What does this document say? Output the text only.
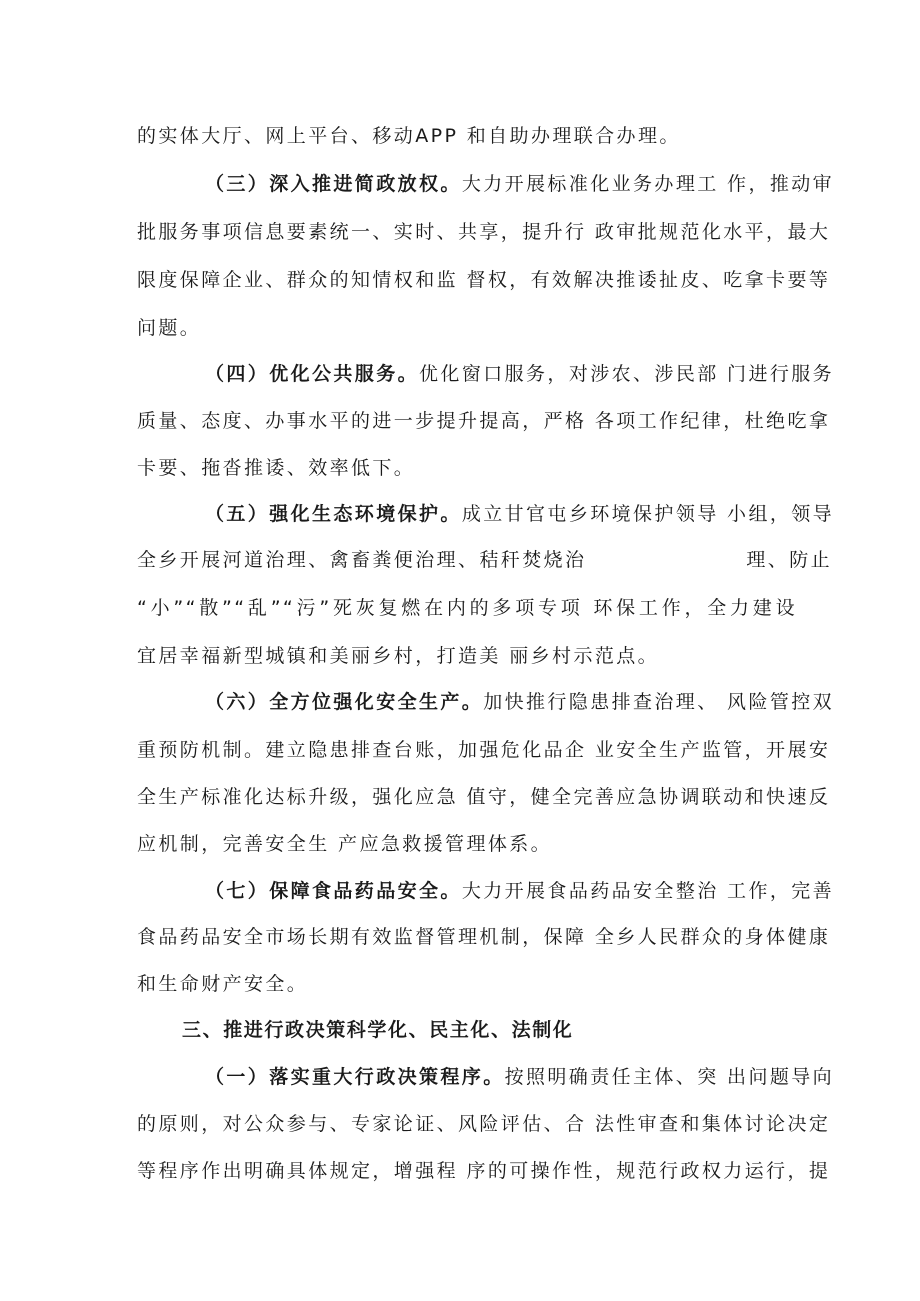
的实体大厅、网上平台、移动APP 和自助办理联合办理。
（三）深入推进简政放权。大力开展标准化业务办理工 作，推动审
批服务事项信息要素统一、实时、共享，提升行 政审批规范化水平，最大
限度保障企业、群众的知情权和监 督权，有效解决推诿扯皮、吃拿卡要等
问题。
（四）优化公共服务。优化窗口服务，对涉农、涉民部 门进行服务
质量、态度、办事水平的进一步提升提高，严格 各项工作纪律，杜绝吃拿
卡要、拖沓推诿、效率低下。
（五）强化生态环境保护。成立甘官屯乡环境保护领导 小组，领导
全乡开展河道治理、禽畜粪便治理、秸秆焚烧治	理、防止
“小”“散”“乱”“污”死灰复燃在内的多项专项 环保工作，全力建设
宜居幸福新型城镇和美丽乡村，打造美 丽乡村示范点。
（六）全方位强化安全生产。加快推行隐患排查治理、 风险管控双
重预防机制。建立隐患排查台账，加强危化品企 业安全生产监管，开展安
全生产标准化达标升级，强化应急 值守，健全完善应急协调联动和快速反
应机制，完善安全生 产应急救援管理体系。
（七）保障食品药品安全。大力开展食品药品安全整治 工作，完善
食品药品安全市场长期有效监督管理机制，保障 全乡人民群众的身体健康
和生命财产安全。
三、推进行政决策科学化、民主化、法制化
（一）落实重大行政决策程序。按照明确责任主体、突 出问题导向
的原则，对公众参与、专家论证、风险评估、合 法性审查和集体讨论决定
等程序作出明确具体规定，增强程 序的可操作性，规范行政权力运行，提
